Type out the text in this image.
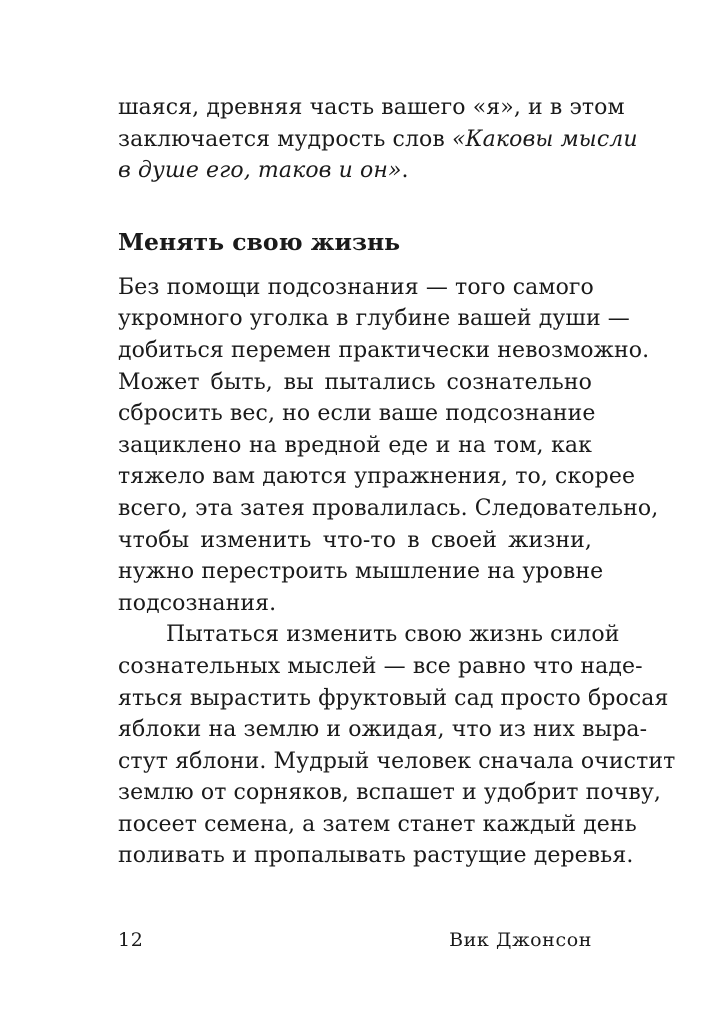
шаяся, древняя часть вашего «я», и в этом
заключается мудрость слов «Каковы мысли
в душе его, таков и он».
Менять свою жизнь
Без помощи подсознания — того самого
укромного уголка в глубине вашей души —
добиться перемен практически невозможно.
Может быть, вы пытались сознательно
сбросить вес, но если ваше подсознание
зациклено на вредной еде и на том, как
тяжело вам даются упражнения, то, скорее
всего, эта затея провалилась. Следовательно,
чтобы изменить что-то в своей жизни,
нужно перестроить мышление на уровне
подсознания.
Пытаться изменить свою жизнь силой
сознательных мыслей — все равно что наде-
яться вырастить фруктовый сад просто бросая
яблоки на землю и ожидая, что из них выра-
стут яблони. Мудрый человек сначала очистит
землю от сорняков, вспашет и удобрит почву,
посеет семена, а затем станет каждый день
поливать и пропалывать растущие деревья.
12	Вик Джонсон
